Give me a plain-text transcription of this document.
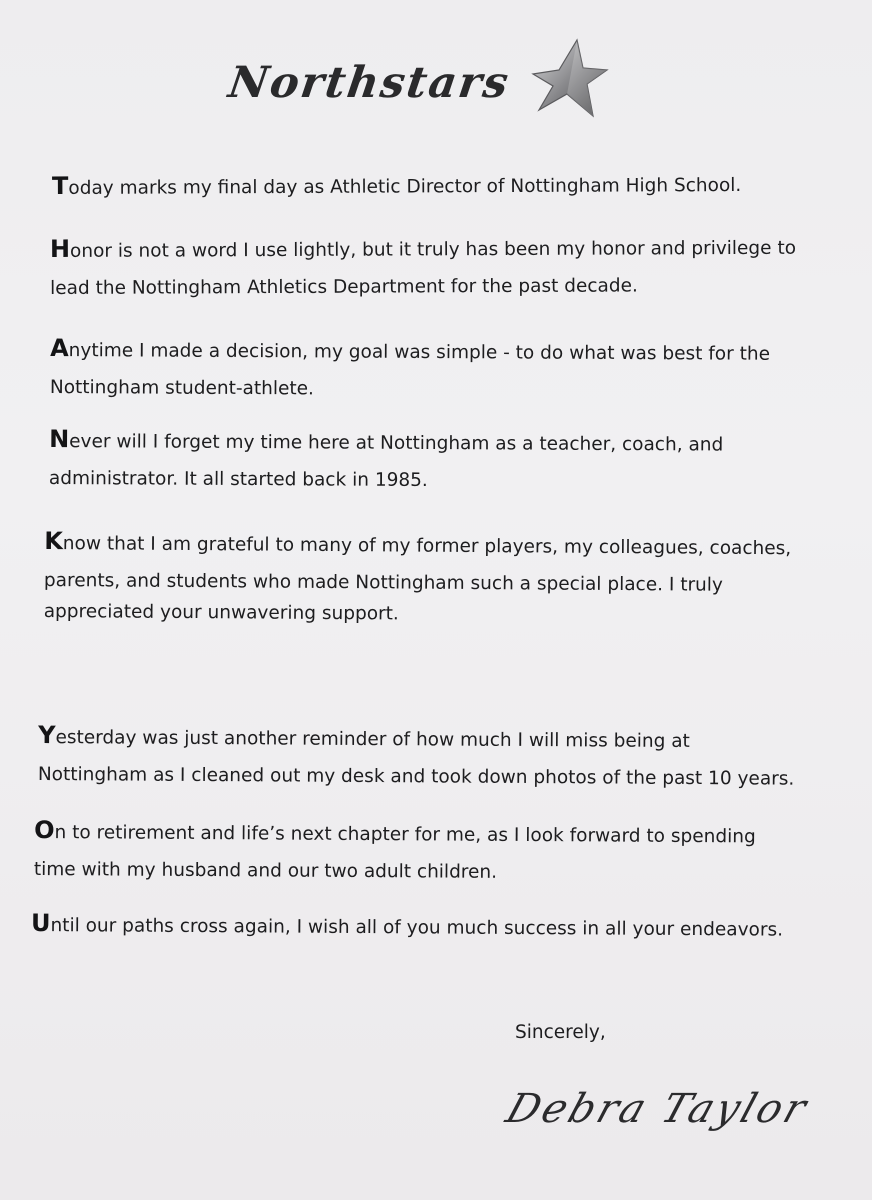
Northstars

Today marks my final day as Athletic Director of Nottingham High School.

Honor is not a word I use lightly, but it truly has been my honor and privilege to
lead the Nottingham Athletics Department for the past decade.

Anytime I made a decision, my goal was simple - to do what was best for the
Nottingham student-athlete.

Never will I forget my time here at Nottingham as a teacher, coach, and
administrator. It all started back in 1985.

Know that I am grateful to many of my former players, my colleagues, coaches,
parents, and students who made Nottingham such a special place. I truly
appreciated your unwavering support.

Yesterday was just another reminder of how much I will miss being at
Nottingham as I cleaned out my desk and took down photos of the past 10 years.

On to retirement and life’s next chapter for me, as I look forward to spending
time with my husband and our two adult children.

Until our paths cross again, I wish all of you much success in all your endeavors.

Sincerely,
Debra Taylor
